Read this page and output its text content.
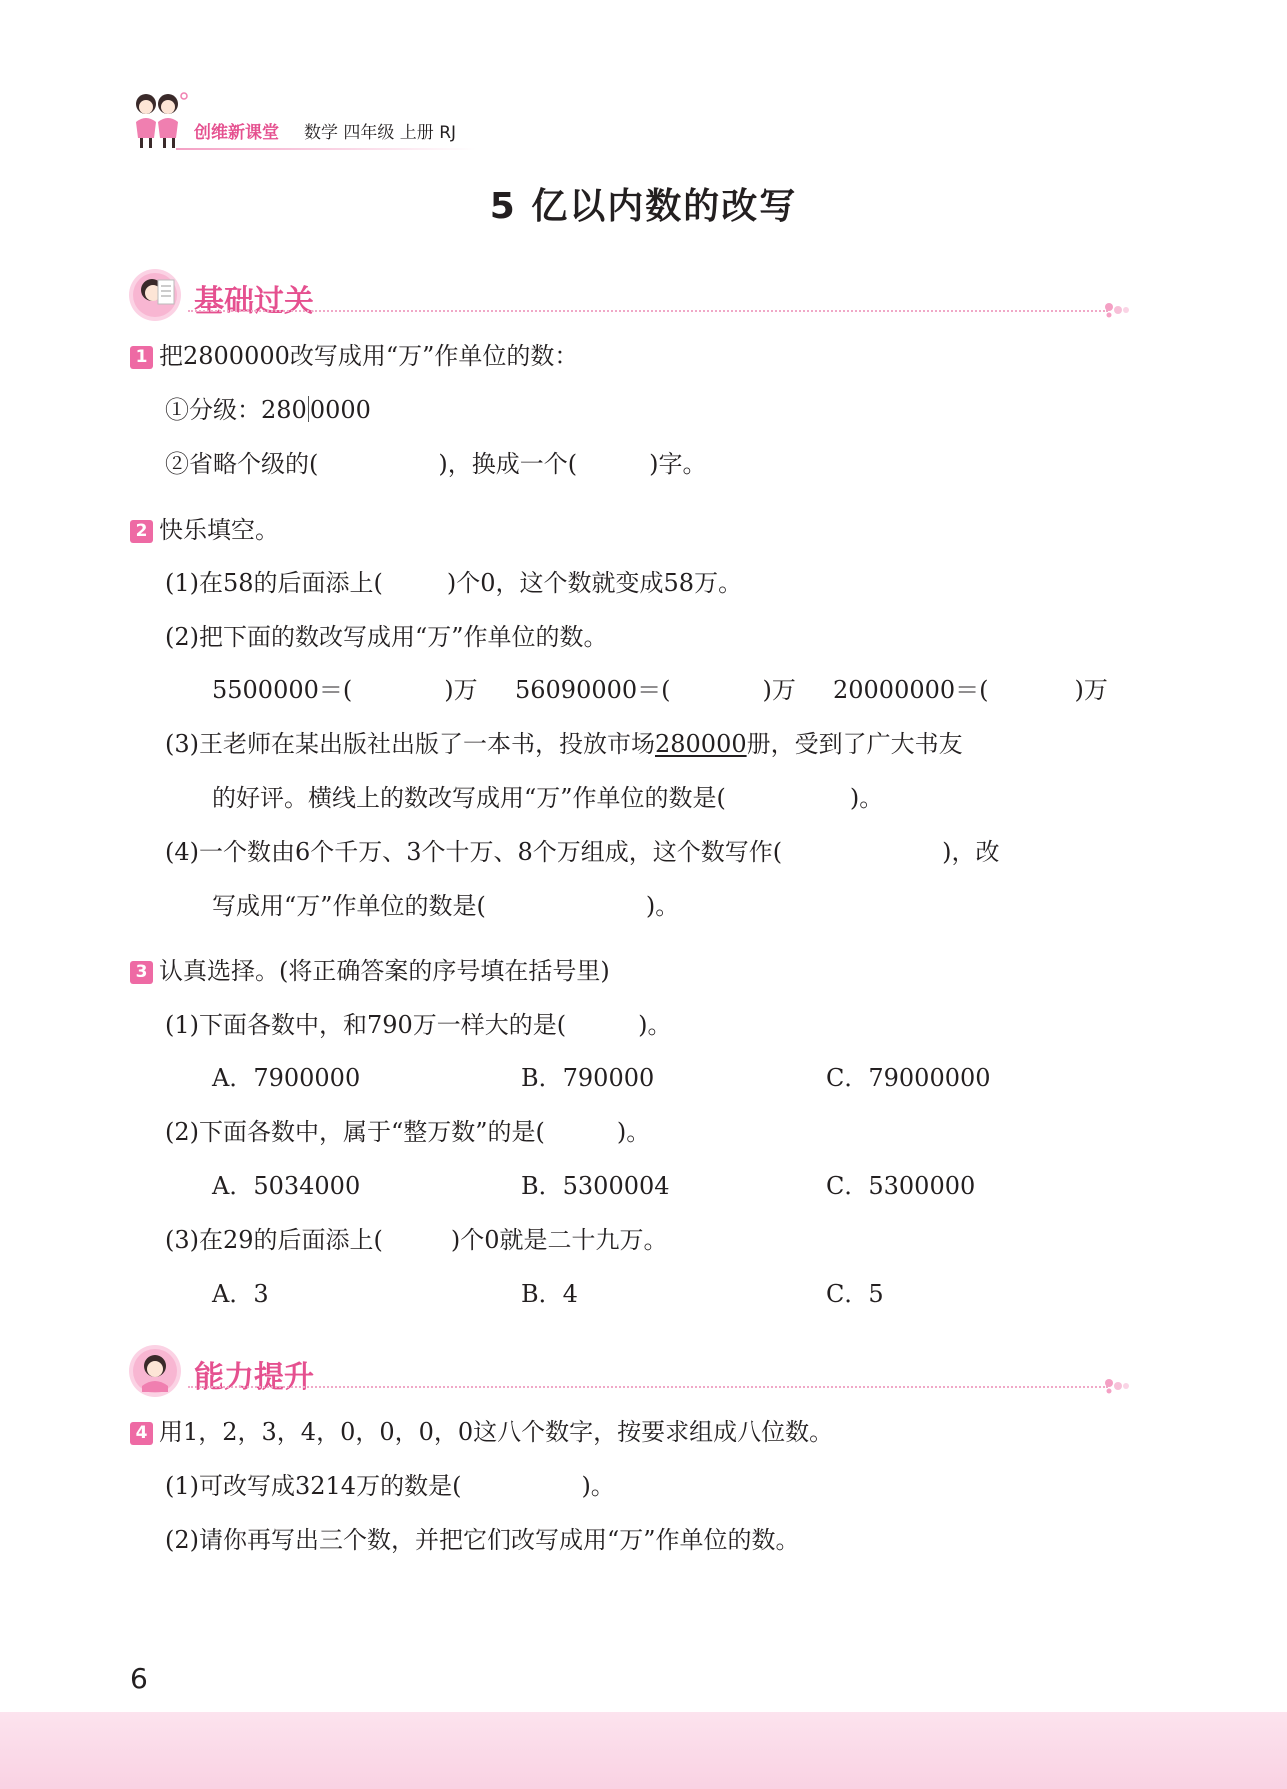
创维新课堂 数学 四年级 上册 RJ
5 亿以内数的改写
基础过关
1 把2800000改写成用“万”作单位的数：
①分级：280 0000
②省略个级的(	)，换成一个(	)字。
2 快乐填空。
(1)在58的后面添上(	)个0，这个数就变成58万。
(2)把下面的数改写成用“万”作单位的数。
5500000＝(	)万 56090000＝(	)万 20000000＝(	)万
(3)王老师在某出版社出版了一本书，投放市场280000册，受到了广大书友
的好评。横线上的数改写成用“万”作单位的数是(	)。
(4)一个数由6个千万、3个十万、8个万组成，这个数写作(	)，改
写成用“万”作单位的数是(	)。
3 认真选择。(将正确答案的序号填在括号里)
(1)下面各数中，和790万一样大的是(	)。
A．7900000	B．790000	C．79000000
(2)下面各数中，属于“整万数”的是(	)。
A．5034000	B．5300004	C．5300000
(3)在29的后面添上(	)个0就是二十九万。
A．3	B．4	C．5
能力提升
4 用1，2，3，4，0，0，0，0这八个数字，按要求组成八位数。
(1)可改写成3214万的数是(	)。
(2)请你再写出三个数，并把它们改写成用“万”作单位的数。
6
